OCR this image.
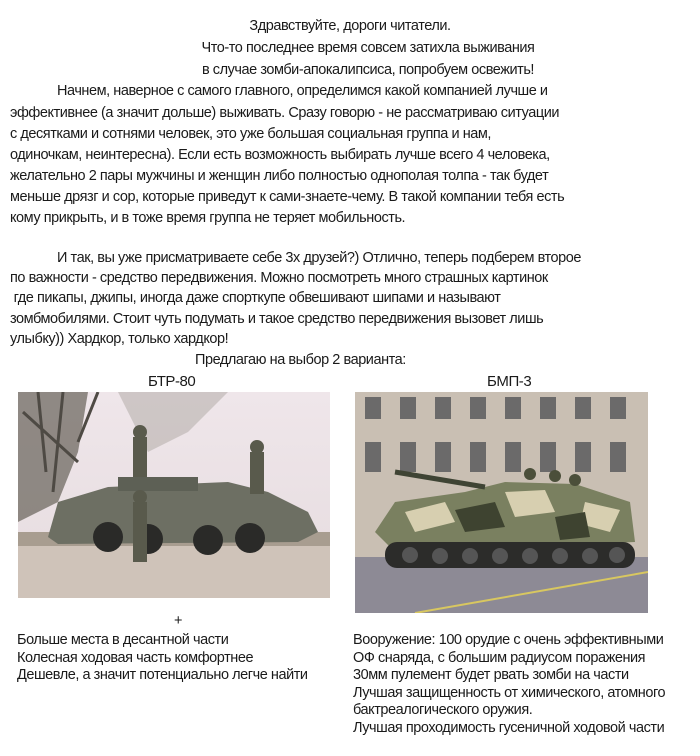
Здравствуйте, дороги читатели.
Что-то последнее время совсем затихла выживания
в случае зомби-апокалипсиса, попробуем освежить!
Начнем, наверное с самого главного, определимся какой компанией лучше и
эффективнее (а значит дольше) выживать. Сразу говорю - не рассматриваю ситуации
с десятками и сотнями человек, это уже большая социальная группа и нам,
одиночкам, неинтересна). Если есть возможность выбирать лучше всего 4 человека,
желательно 2 пары мужчины и женщин либо полностью однополая толпа - так будет
меньше дрязг и сор, которые приведут к сами-знаете-чему. В такой компании тебя есть
кому прикрыть, и в тоже время группа не теряет мобильность.
И так, вы уже присматриваете себе 3х друзей?) Отлично, теперь подберем второе
по важности - средство передвижения. Можно посмотреть много страшных картинок
где пикапы, джипы, иногда даже спорткупе обвешивают шипами и называют
зомбмобилями. Стоит чуть подумать и такое средство передвижения вызовет лишь
улыбку)) Хардкор, только хардкор!
Предлагаю на выбор 2 варианта:
БТР-80	БМП-3
+
Больше места в десантной части
Колесная ходовая часть комфортнее
Дешевле, а значит потенциально легче найти
Вооружение: 100 орудие с очень эффективными
ОФ снаряда, с большим радиусом поражения
30мм пулемент будет рвать зомби на части
Лучшая защищенность от химического, атомного
бактреалогического оружия.
Лучшая проходимость гусеничной ходовой части
